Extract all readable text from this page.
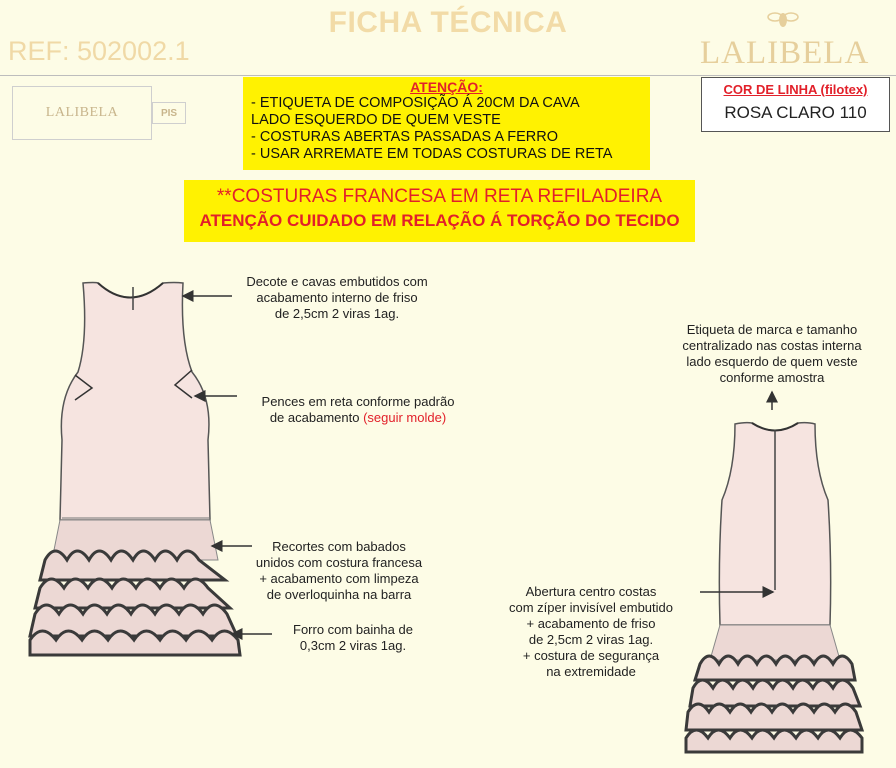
FICHA TÉCNICA
REF: 502002.1	LALIBELA
LALIBELA	PIS
ATENÇÃO:
- ETIQUETA DE COMPOSIÇÃO Á 20CM DA CAVA
LADO ESQUERDO DE QUEM VESTE
- COSTURAS ABERTAS PASSADAS A FERRO
- USAR ARREMATE EM TODAS COSTURAS DE RETA
COR DE LINHA (filotex)
ROSA CLARO 110
**COSTURAS FRANCESA EM RETA REFILADEIRA
ATENÇÃO CUIDADO EM RELAÇÃO Á TORÇÃO DO TECIDO
Decote e cavas embutidos com
acabamento interno de friso
de 2,5cm 2 viras 1ag.
Pences em reta conforme padrão
de acabamento (seguir molde)
Recortes com babados
unidos com costura francesa
+ acabamento com limpeza
de overloquinha na barra
Forro com bainha de
0,3cm 2 viras 1ag.
Etiqueta de marca e tamanho
centralizado nas costas interna
lado esquerdo de quem veste
conforme amostra
Abertura centro costas
com zíper invisível embutido
+ acabamento de friso
de 2,5cm 2 viras 1ag.
+ costura de segurança
na extremidade
